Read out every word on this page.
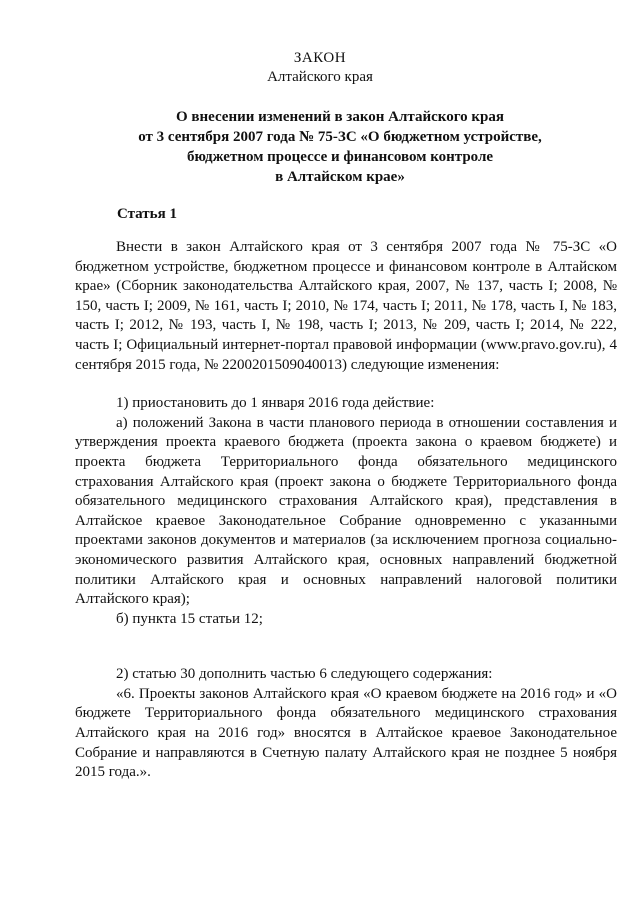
ЗАКОН
Алтайского края
О внесении изменений в закон Алтайского края
от 3 сентября 2007 года № 75-ЗС «О бюджетном устройстве,
бюджетном процессе и финансовом контроле
в Алтайском крае»
Статья 1

Внести в закон Алтайского края от 3 сентября 2007 года № 75-ЗС «О бюджетном устройстве, бюджетном процессе и финансовом контроле в Алтайском крае» (Сборник законодательства Алтайского края, 2007, № 137, часть I; 2008, № 150, часть I; 2009, № 161, часть I; 2010, № 174, часть I; 2011, № 178, часть I, № 183, часть I; 2012, № 193, часть I, № 198, часть I; 2013, № 209, часть I; 2014, № 222, часть I; Официальный интернет-портал правовой информации (www.pravo.gov.ru), 4 сентября 2015 года, № 2200201509040013) следующие изменения:

1) приостановить до 1 января 2016 года действие:

а) положений Закона в части планового периода в отношении составления и утверждения проекта краевого бюджета (проекта закона о краевом бюджете) и проекта бюджета Территориального фонда обязательного медицинского страхования Алтайского края (проект закона о бюджете Территориального фонда обязательного медицинского страхования Алтайского края), представления в Алтайское краевое Законодательное Собрание одновременно с указанными проектами законов документов и материалов (за исключением прогноза социально-экономического развития Алтайского края, основных направлений бюджетной политики Алтайского края и основных направлений налоговой политики Алтайского края);

б) пункта 15 статьи 12;

2) статью 30 дополнить частью 6 следующего содержания:

«6. Проекты законов Алтайского края «О краевом бюджете на 2016 год» и «О бюджете Территориального фонда обязательного медицинского страхования Алтайского края на 2016 год» вносятся в Алтайское краевое Законодательное Собрание и направляются в Счетную палату Алтайского края не позднее 5 ноября 2015 года.».
